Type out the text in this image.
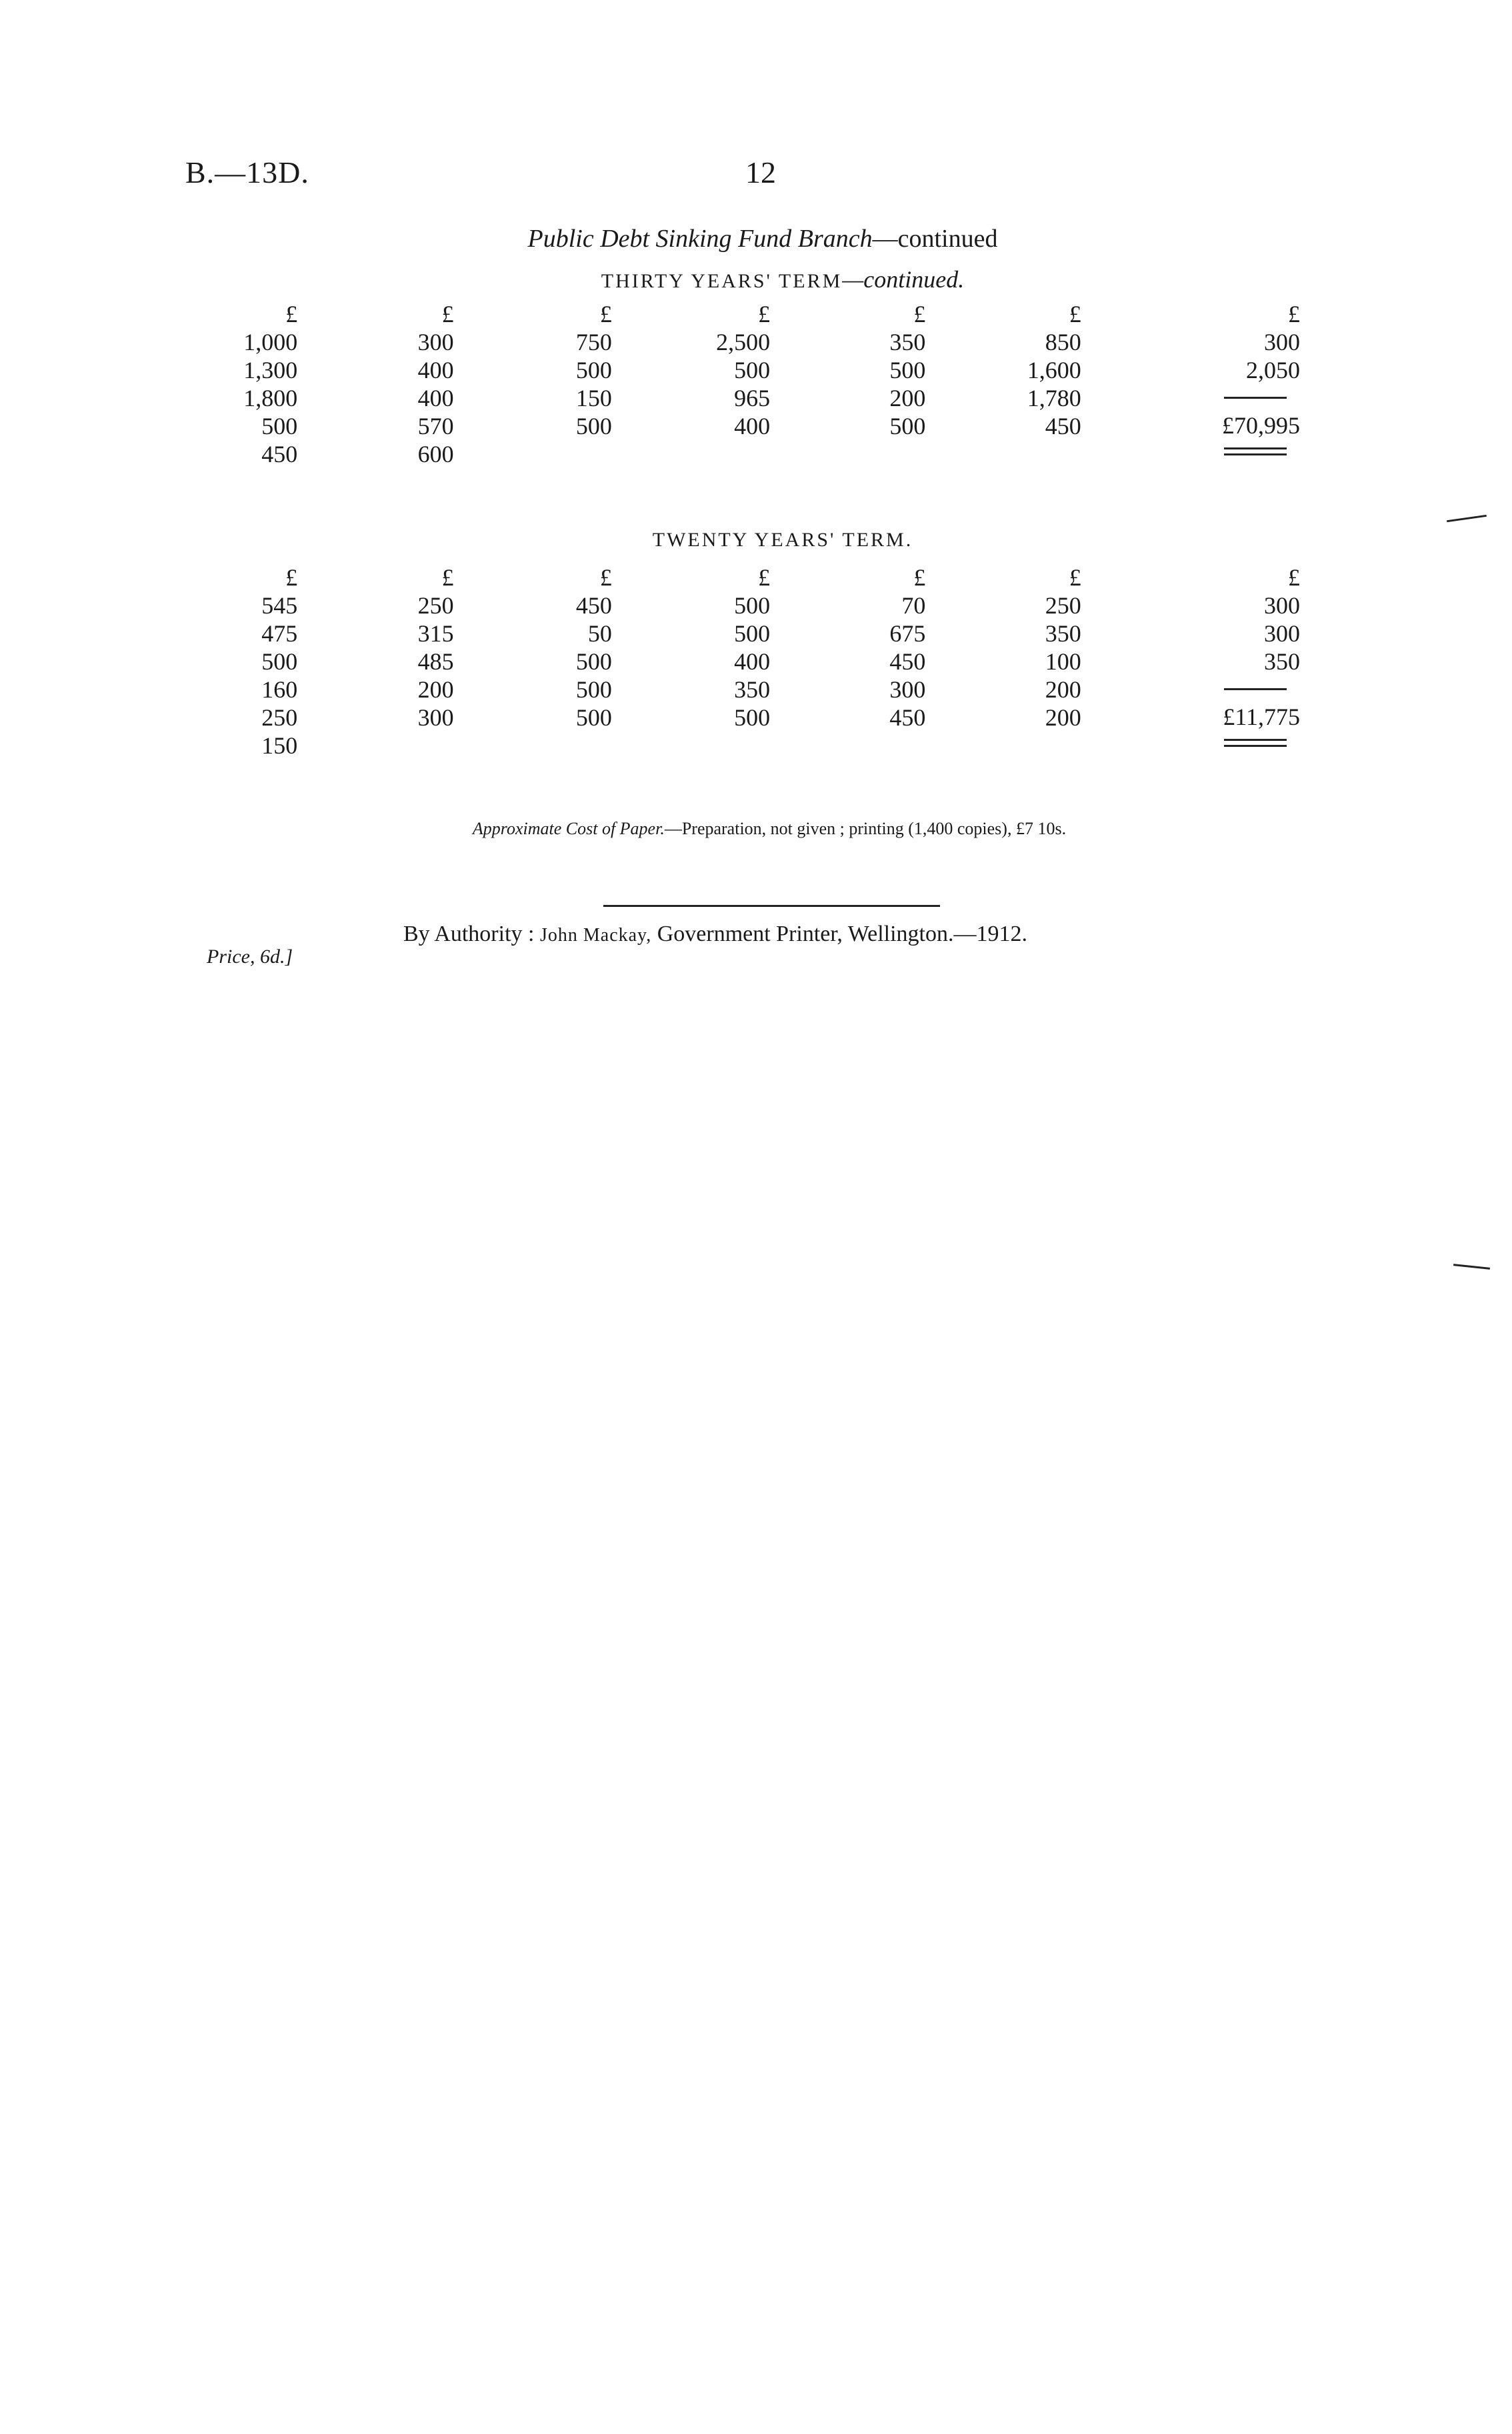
B.—13D.	12
Public Debt Sinking Fund Branch—continued
THIRTY YEARS' TERM—continued.
£
1,000
1,300
1,800
500
450
£
300
400
400
570
600
£
750
500
150
500
£
2,500
500
965
400
£
350
500
200
500
£
850
1,600
1,780
450
£
300
2,050
£70,995
TWENTY YEARS' TERM.
£
545
475
500
160
250
150
£
250
315
485
200
300
£
450
50
500
500
500
£
500
500
400
350
500
£
70
675
450
300
450
£
250
350
100
200
200
£
300
300
350
£11,775
Approximate Cost of Paper.—Preparation, not given ; printing (1,400 copies), £7 10s.
By Authority : John Mackay, Government Printer, Wellington.—1912.
Price, 6d.]
